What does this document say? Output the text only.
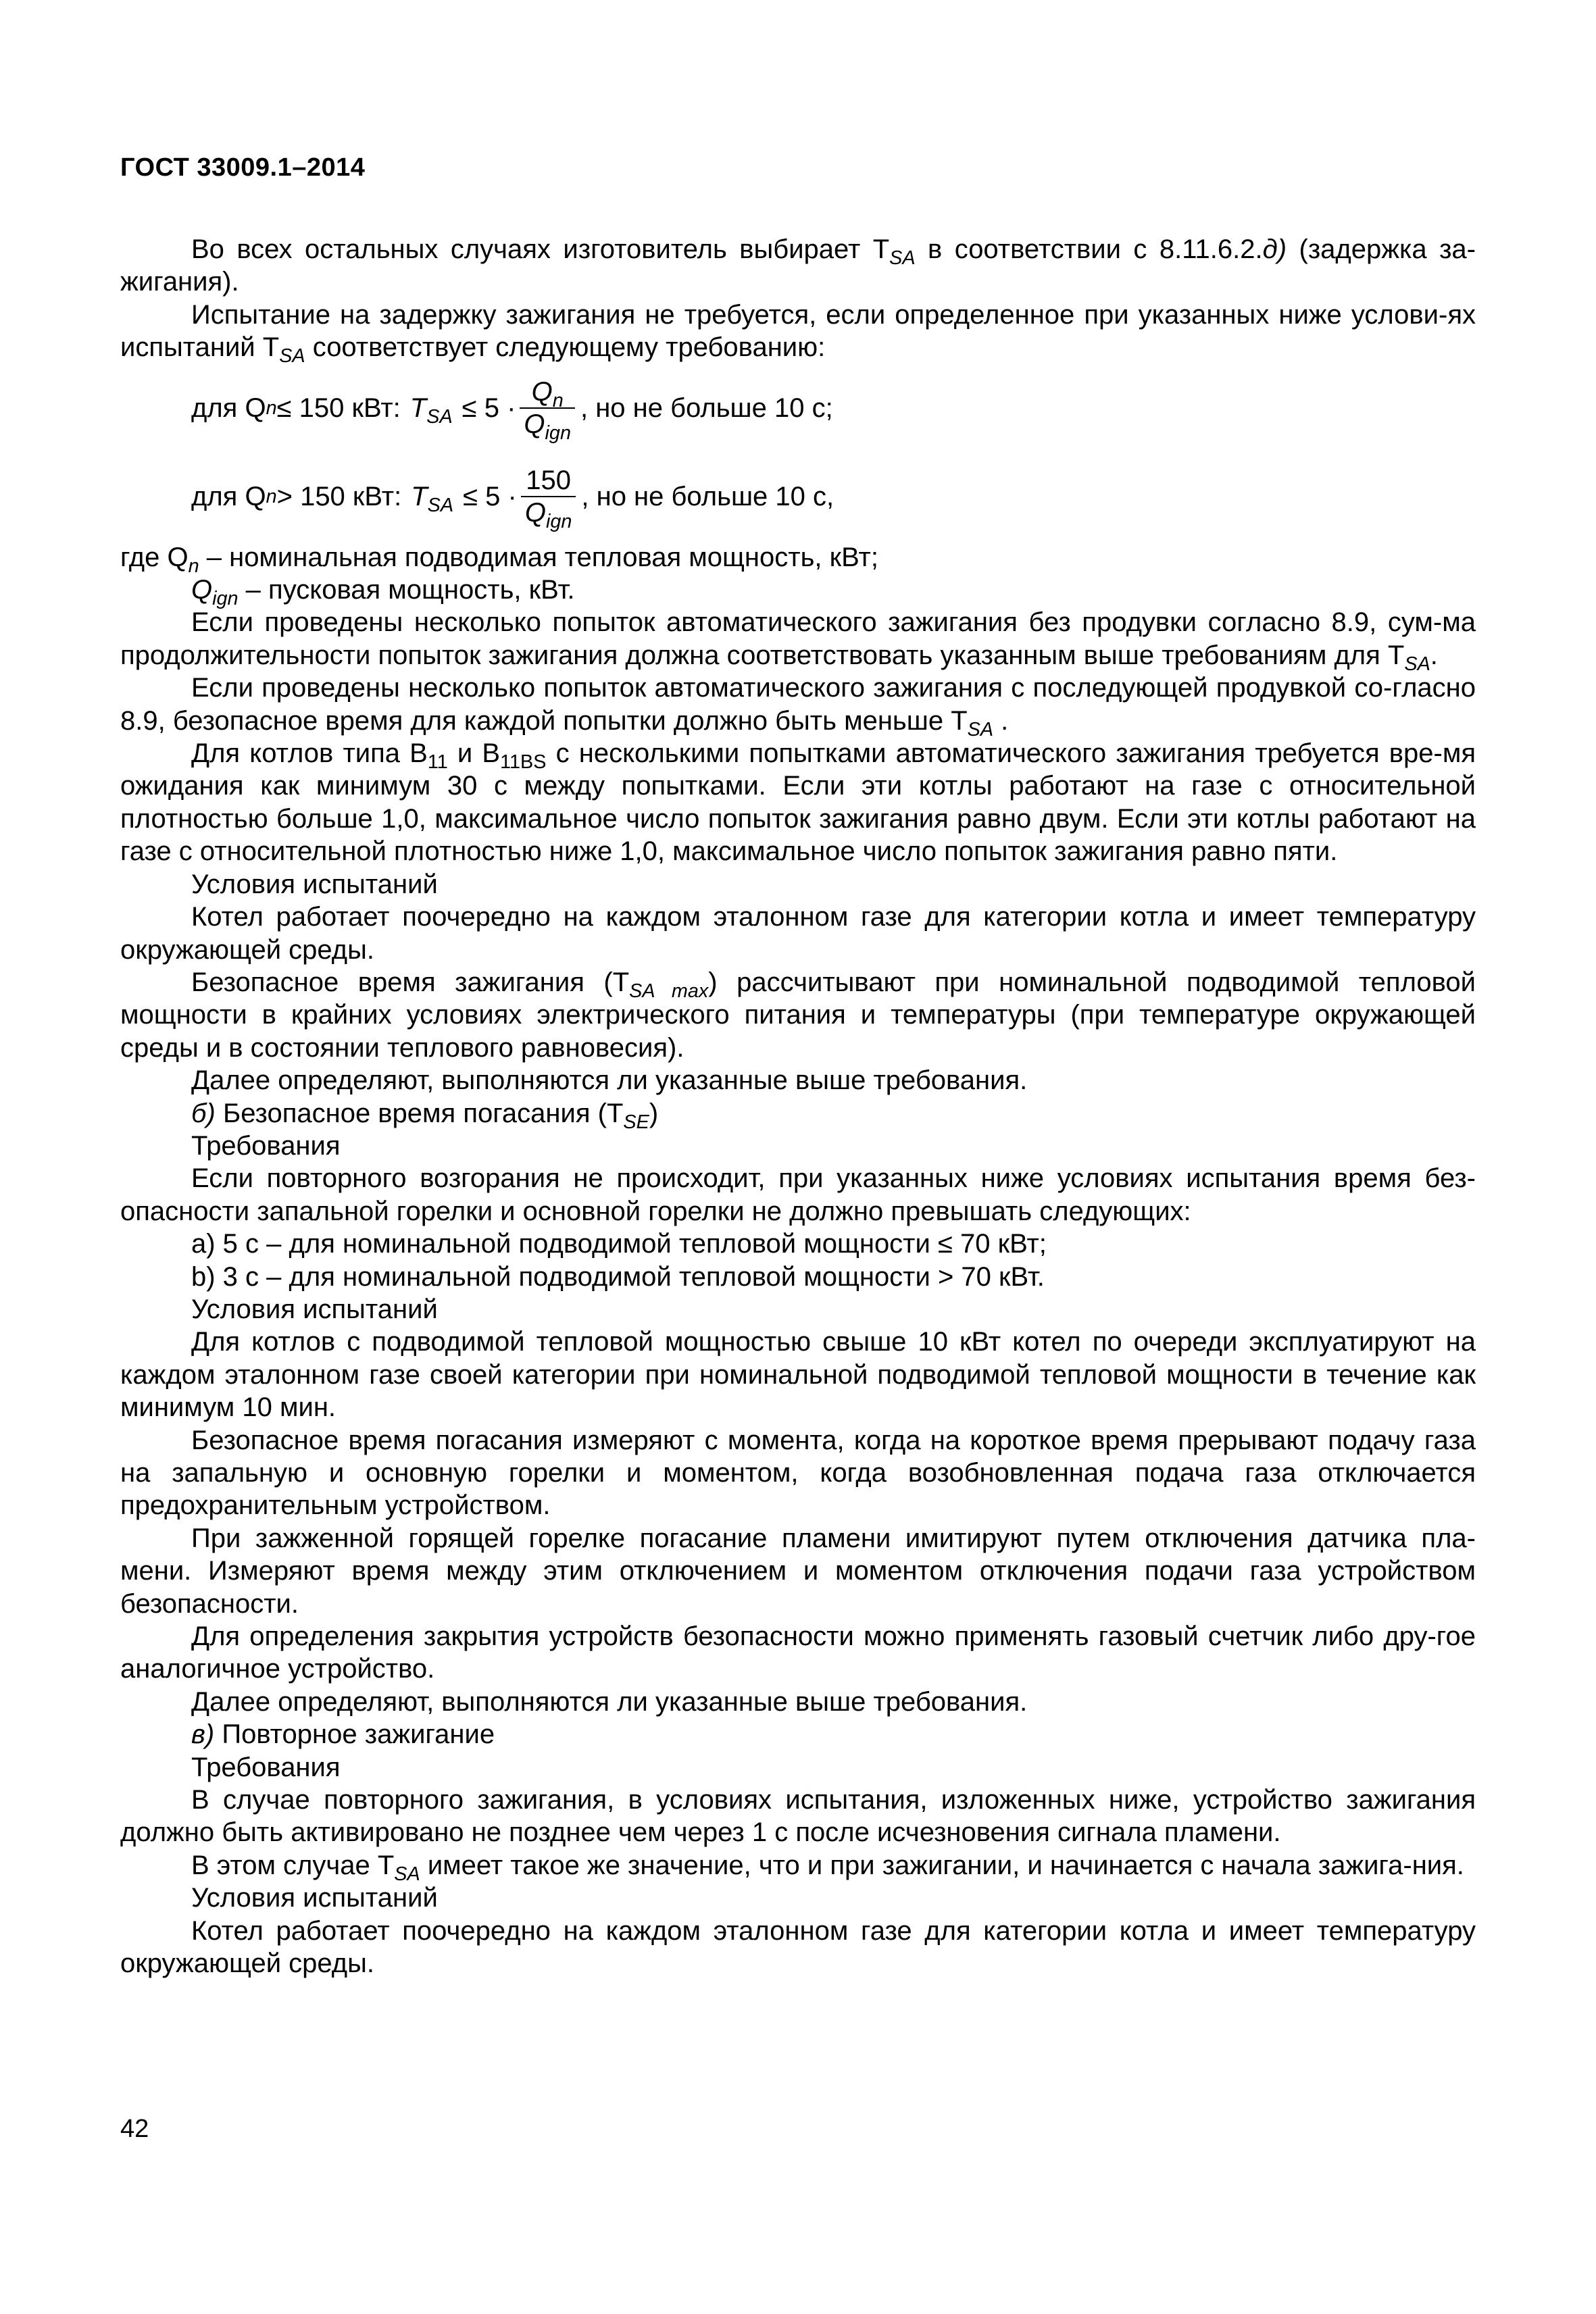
ГОСТ 33009.1–2014

Во всех остальных случаях изготовитель выбирает $T_{SA}$ в соответствии с 8.11.6.2.д) (задержка за-жигания).

Испытание на задержку зажигания не требуется, если определенное при указанных ниже услови-ях испытаний $T_{SA}$ соответствует следующему требованию:

для Q n ≤ 150 кВт: $T_{SA} \le 5 \cdot \frac{Q_n}{Q_{ign}}$ , но не больше 10 с;
для Q n > 150 кВт: $T_{SA} \le 5 \cdot \frac{150}{Q_{ign}}$ , но не больше 10 с,

где $Q_n$ – номинальная подводимая тепловая мощность, кВт;

$Q_{ign}$ – пусковая мощность, кВт.

Если проведены несколько попыток автоматического зажигания без продувки согласно 8.9, сум-ма продолжительности попыток зажигания должна соответствовать указанным выше требованиям для $T_{SA}$.

Если проведены несколько попыток автоматического зажигания с последующей продувкой со-гласно 8.9, безопасное время для каждой попытки должно быть меньше $T_{SA}$ .

Для котлов типа $B_{11}$ и $B_{11BS}$ с несколькими попытками автоматического зажигания требуется вре-мя ожидания как минимум 30 с между попытками. Если эти котлы работают на газе с относительной плотностью больше 1,0, максимальное число попыток зажигания равно двум. Если эти котлы работают на газе с относительной плотностью ниже 1,0, максимальное число попыток зажигания равно пяти.

Условия испытаний

Котел работает поочередно на каждом эталонном газе для категории котла и имеет температуру окружающей среды.

Безопасное время зажигания $(T_{SA max})$ рассчитывают при номинальной подводимой тепловой мощности в крайних условиях электрического питания и температуры (при температуре окружающей среды и в состоянии теплового равновесия).

Далее определяют, выполняются ли указанные выше требования.

б) Безопасное время погасания $(T_{SE})$

Требования

Если повторного возгорания не происходит, при указанных ниже условиях испытания время без-опасности запальной горелки и основной горелки не должно превышать следующих:

а) 5 с – для номинальной подводимой тепловой мощности ≤ 70 кВт;

b) 3 с – для номинальной подводимой тепловой мощности > 70 кВт.

Условия испытаний

Для котлов с подводимой тепловой мощностью свыше 10 кВт котел по очереди эксплуатируют на каждом эталонном газе своей категории при номинальной подводимой тепловой мощности в течение как минимум 10 мин.

Безопасное время погасания измеряют с момента, когда на короткое время прерывают подачу газа на запальную и основную горелки и моментом, когда возобновленная подача газа отключается предохранительным устройством.

При зажженной горящей горелке погасание пламени имитируют путем отключения датчика пла-мени. Измеряют время между этим отключением и моментом отключения подачи газа устройством безопасности.

Для определения закрытия устройств безопасности можно применять газовый счетчик либо дру-гое аналогичное устройство.

Далее определяют, выполняются ли указанные выше требования.

в) Повторное зажигание

Требования

В случае повторного зажигания, в условиях испытания, изложенных ниже, устройство зажигания должно быть активировано не позднее чем через 1 с после исчезновения сигнала пламени.

В этом случае $T_{SA}$ имеет такое же значение, что и при зажигании, и начинается с начала зажига-ния.

Условия испытаний

Котел работает поочередно на каждом эталонном газе для категории котла и имеет температуру окружающей среды.

42
